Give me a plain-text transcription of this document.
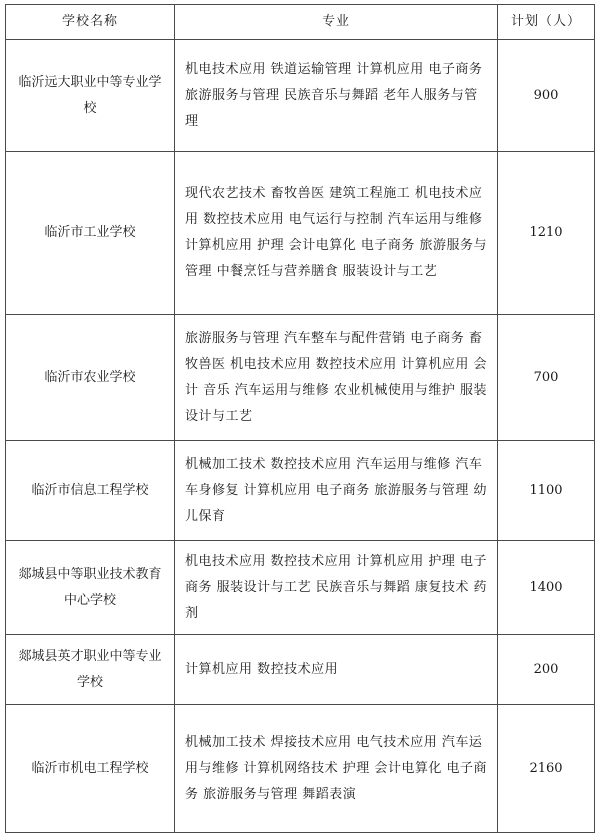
学校名称	专业	计划（人）
临沂远大职业中等专业学校	机电技术应用 铁道运输管理 计算机应用 电子商务 旅游服务与管理 民族音乐与舞蹈 老年人服务与管理	900
临沂市工业学校	现代农艺技术 畜牧兽医 建筑工程施工 机电技术应用 数控技术应用 电气运行与控制 汽车运用与维修 计算机应用 护理 会计电算化 电子商务 旅游服务与管理 中餐烹饪与营养膳食 服装设计与工艺	1210
临沂市农业学校	旅游服务与管理 汽车整车与配件营销 电子商务 畜牧兽医 机电技术应用 数控技术应用 计算机应用 会计 音乐 汽车运用与维修 农业机械使用与维护 服装设计与工艺	700
临沂市信息工程学校	机械加工技术 数控技术应用 汽车运用与维修 汽车车身修复 计算机应用 电子商务 旅游服务与管理 幼儿保育	1100
郯城县中等职业技术教育中心学校	机电技术应用 数控技术应用 计算机应用 护理 电子商务 服装设计与工艺 民族音乐与舞蹈 康复技术 药剂	1400
郯城县英才职业中等专业学校	计算机应用 数控技术应用	200
临沂市机电工程学校	机械加工技术 焊接技术应用 电气技术应用 汽车运用与维修 计算机网络技术 护理 会计电算化 电子商务 旅游服务与管理 舞蹈表演	2160
